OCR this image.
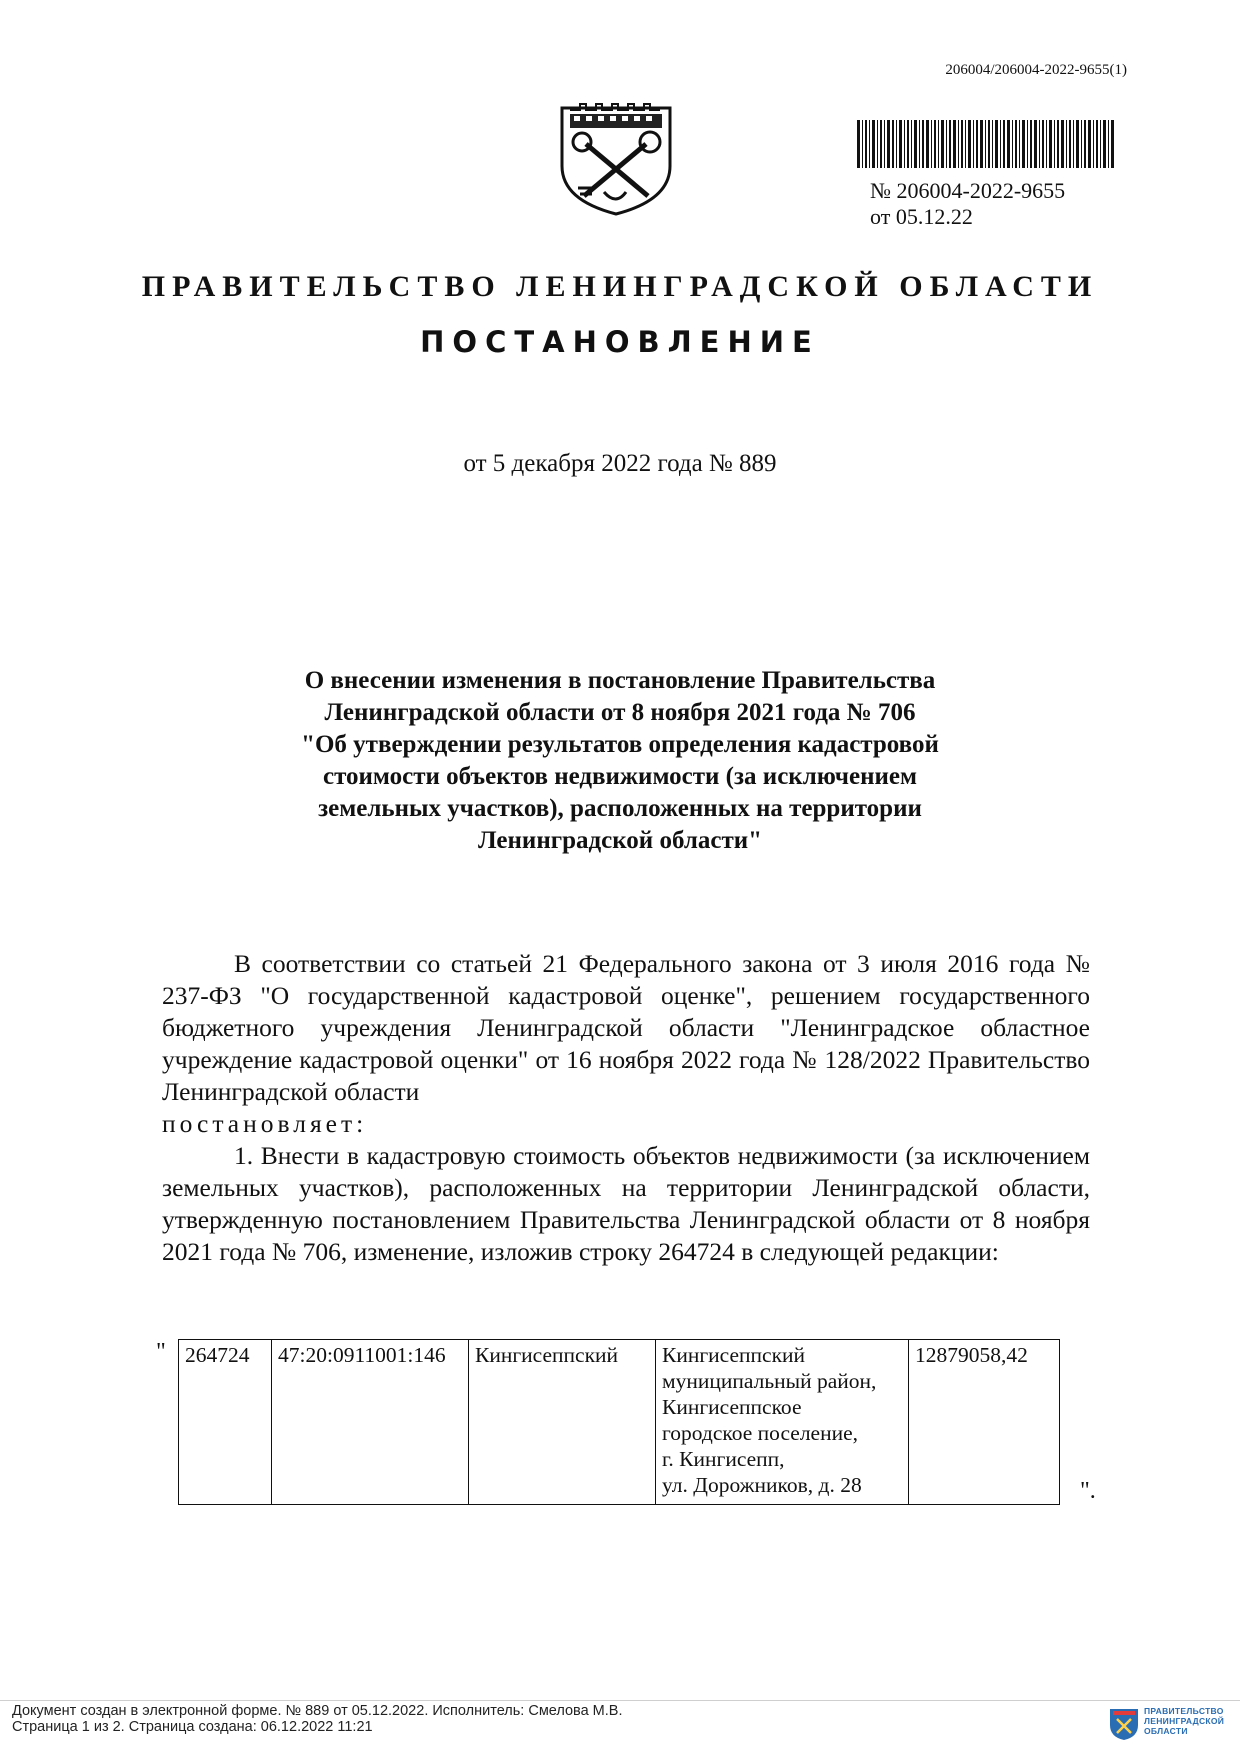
206004/206004-2022-9655(1)
№ 206004-2022-9655
от 05.12.22
ПРАВИТЕЛЬСТВО ЛЕНИНГРАДСКОЙ ОБЛАСТИ
ПОСТАНОВЛЕНИЕ
от 5 декабря 2022 года № 889
О внесении изменения в постановление Правительства
Ленинградской области от 8 ноября 2021 года № 706
"Об утверждении результатов определения кадастровой
стоимости объектов недвижимости (за исключением
земельных участков), расположенных на территории
Ленинградской области"

В соответствии со статьей 21 Федерального закона от 3 июля 2016 года № 237-ФЗ "О государственной кадастровой оценке", решением государственного бюджетного учреждения Ленинградской области "Ленинградское областное учреждение кадастровой оценки" от 16 ноября 2022 года № 128/2022 Правительство Ленинградской области

постановляет:

1. Внести в кадастровую стоимость объектов недвижимости (за исключением земельных участков), расположенных на территории Ленинградской области, утвержденную постановлением Правительства Ленинградской области от 8 ноября 2021 года № 706, изменение, изложив строку 264724 в следующей редакции:

" 264724	47:20:0911001:146	Кингисеппский	Кингисеппский
муниципальный район,
Кингисеппское
городское поселение,
г. Кингисепп,
ул. Дорожников, д. 28
	12879058,42
".
Документ создан в электронной форме. № 889 от 05.12.2022. Исполнитель: Смелова М.В.
Страница 1 из 2. Страница создана: 06.12.2022 11:21
ПРАВИТЕЛЬСТВО
ЛЕНИНГРАДСКОЙ
ОБЛАСТИ
